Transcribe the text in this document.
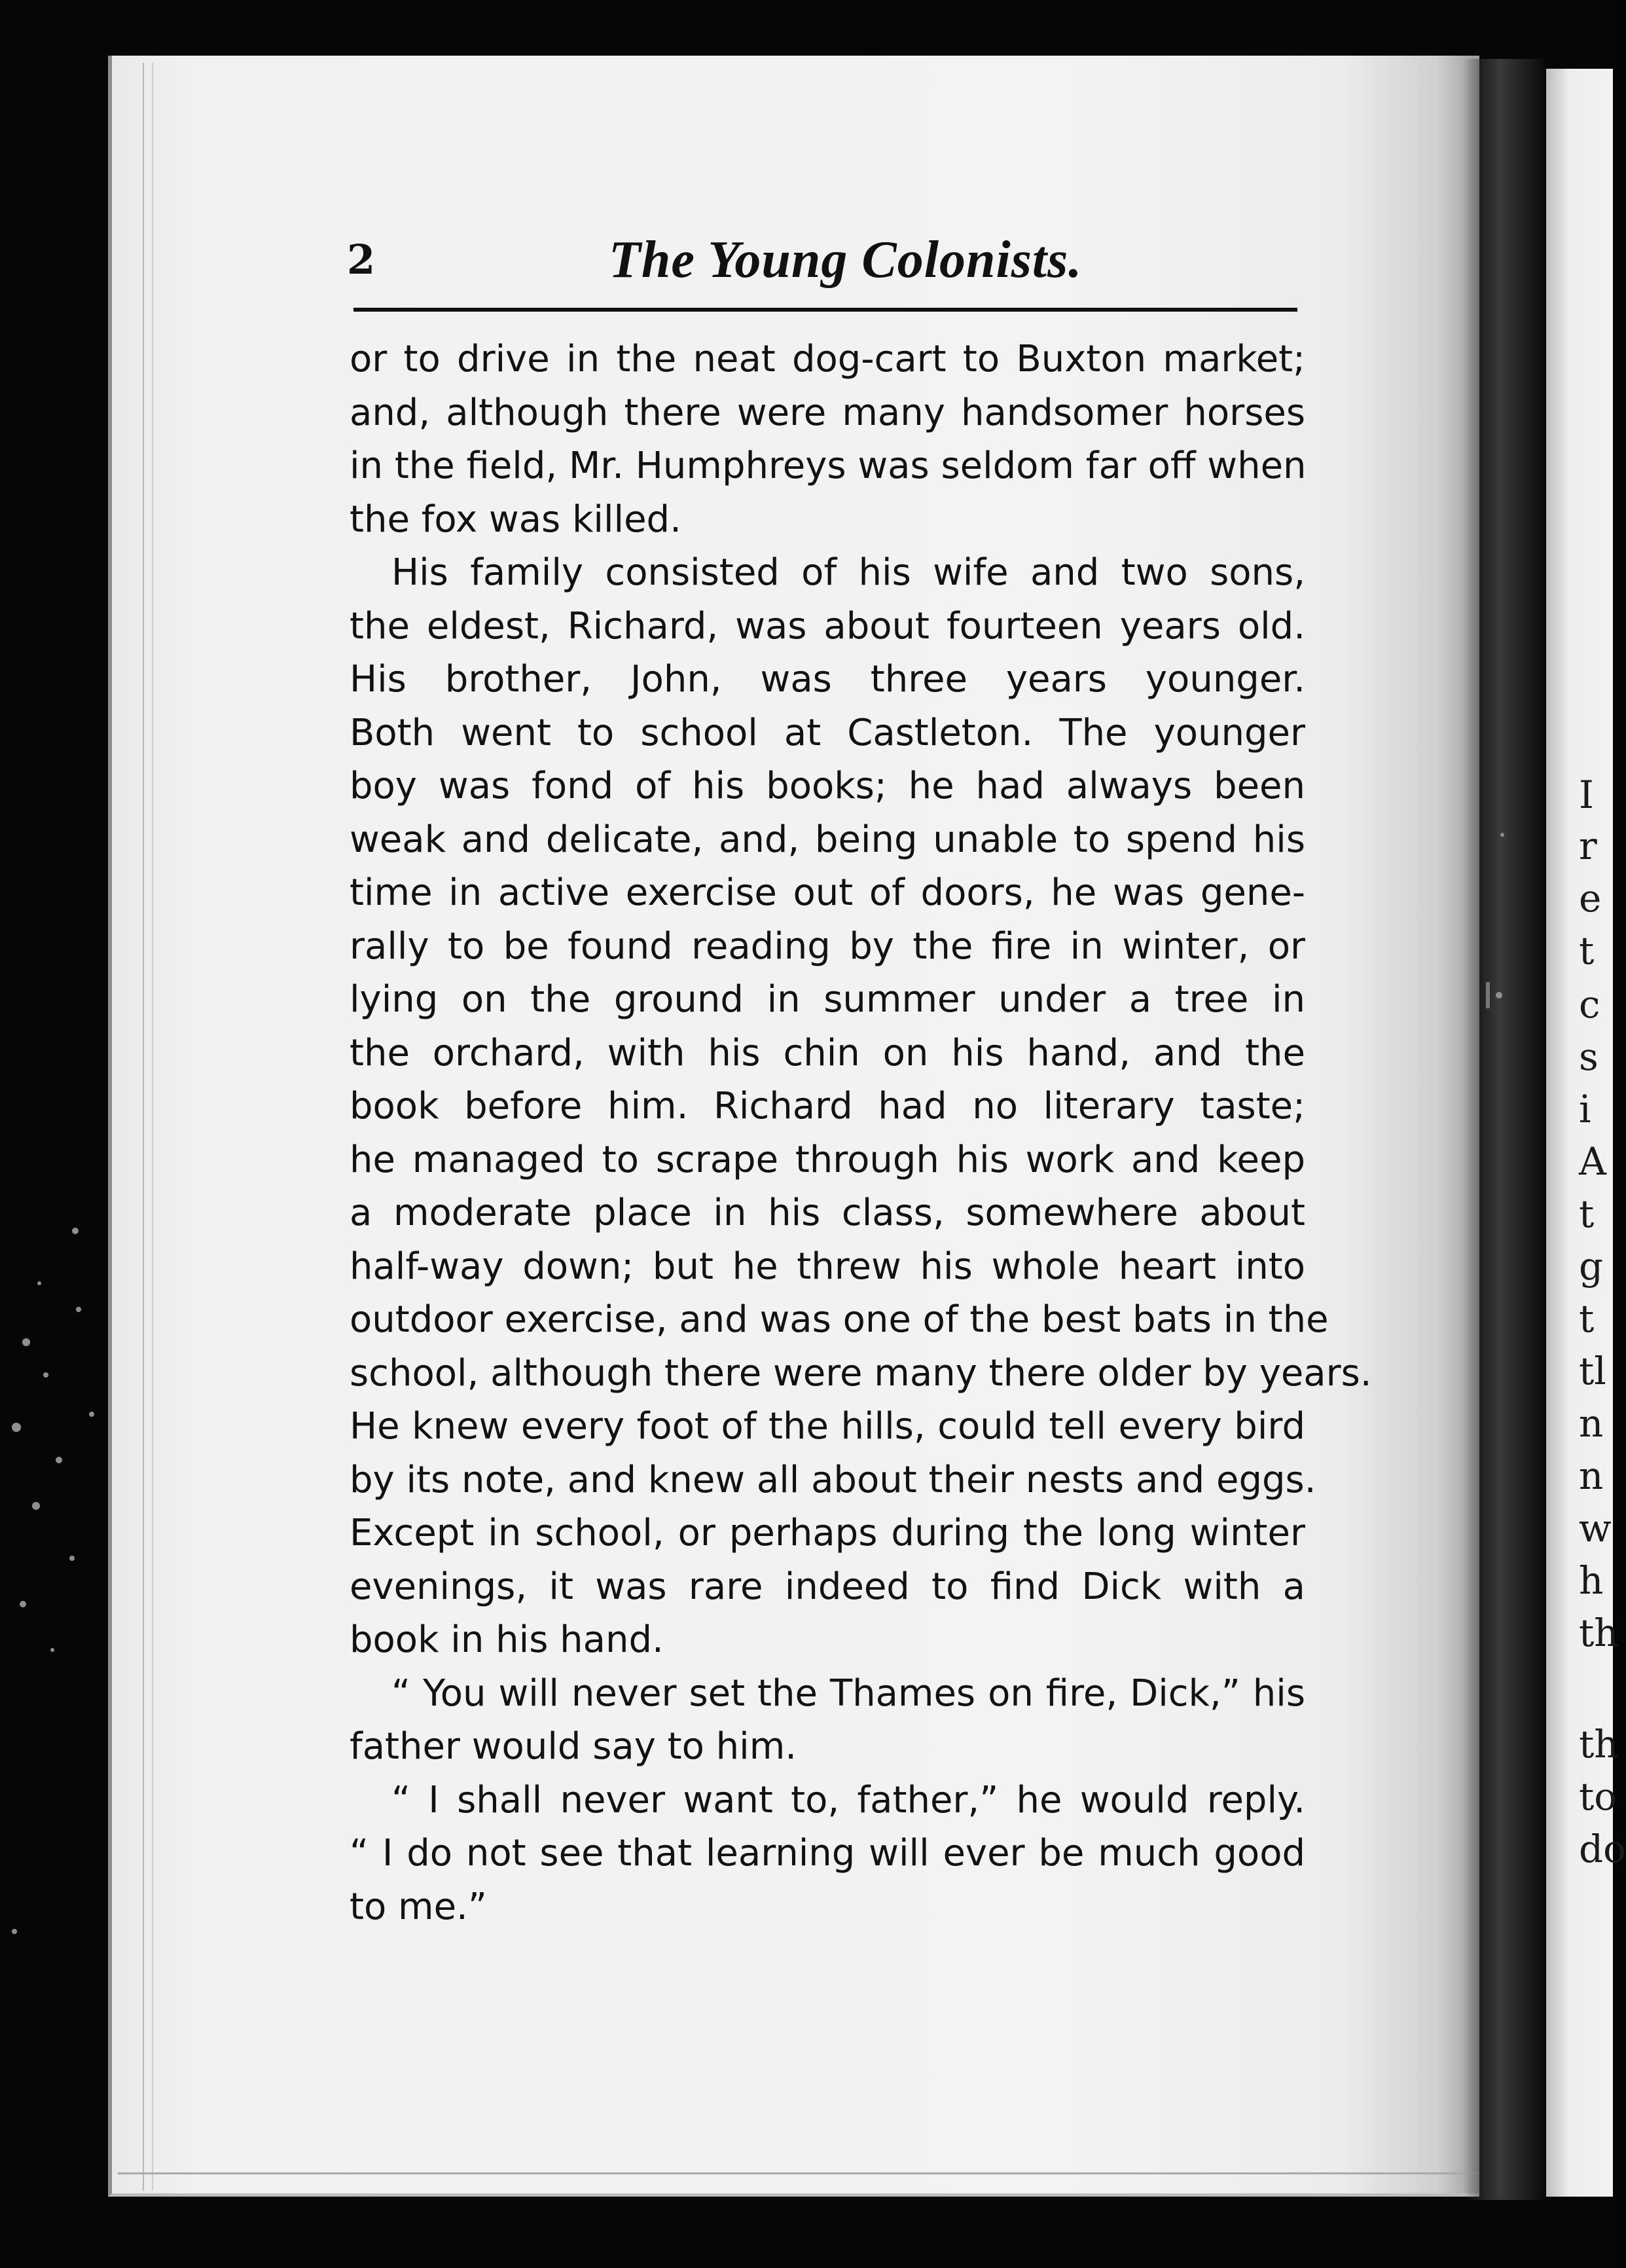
I
r
e
t
c
s
i
A
t
g
t
tl
n
n
w
h
th
th
to
do
2	The Young Colonists.
or to drive in the neat dog-cart to Buxton market;
and, although there were many handsomer horses
in the field, Mr. Humphreys was seldom far off when
the fox was killed.
His family consisted of his wife and two sons,
the eldest, Richard, was about fourteen years old.
His brother, John, was three years younger.
Both went to school at Castleton. The younger
boy was fond of his books; he had always been
weak and delicate, and, being unable to spend his
time in active exercise out of doors, he was gene-
rally to be found reading by the fire in winter, or
lying on the ground in summer under a tree in
the orchard, with his chin on his hand, and the
book before him. Richard had no literary taste;
he managed to scrape through his work and keep
a moderate place in his class, somewhere about
half-way down; but he threw his whole heart into
outdoor exercise, and was one of the best bats in the
school, although there were many there older by years.
He knew every foot of the hills, could tell every bird
by its note, and knew all about their nests and eggs.
Except in school, or perhaps during the long winter
evenings, it was rare indeed to find Dick with a
book in his hand.
“ You will never set the Thames on fire, Dick,” his
father would say to him.
“ I shall never want to, father,” he would reply.
“ I do not see that learning will ever be much good
to me.”
